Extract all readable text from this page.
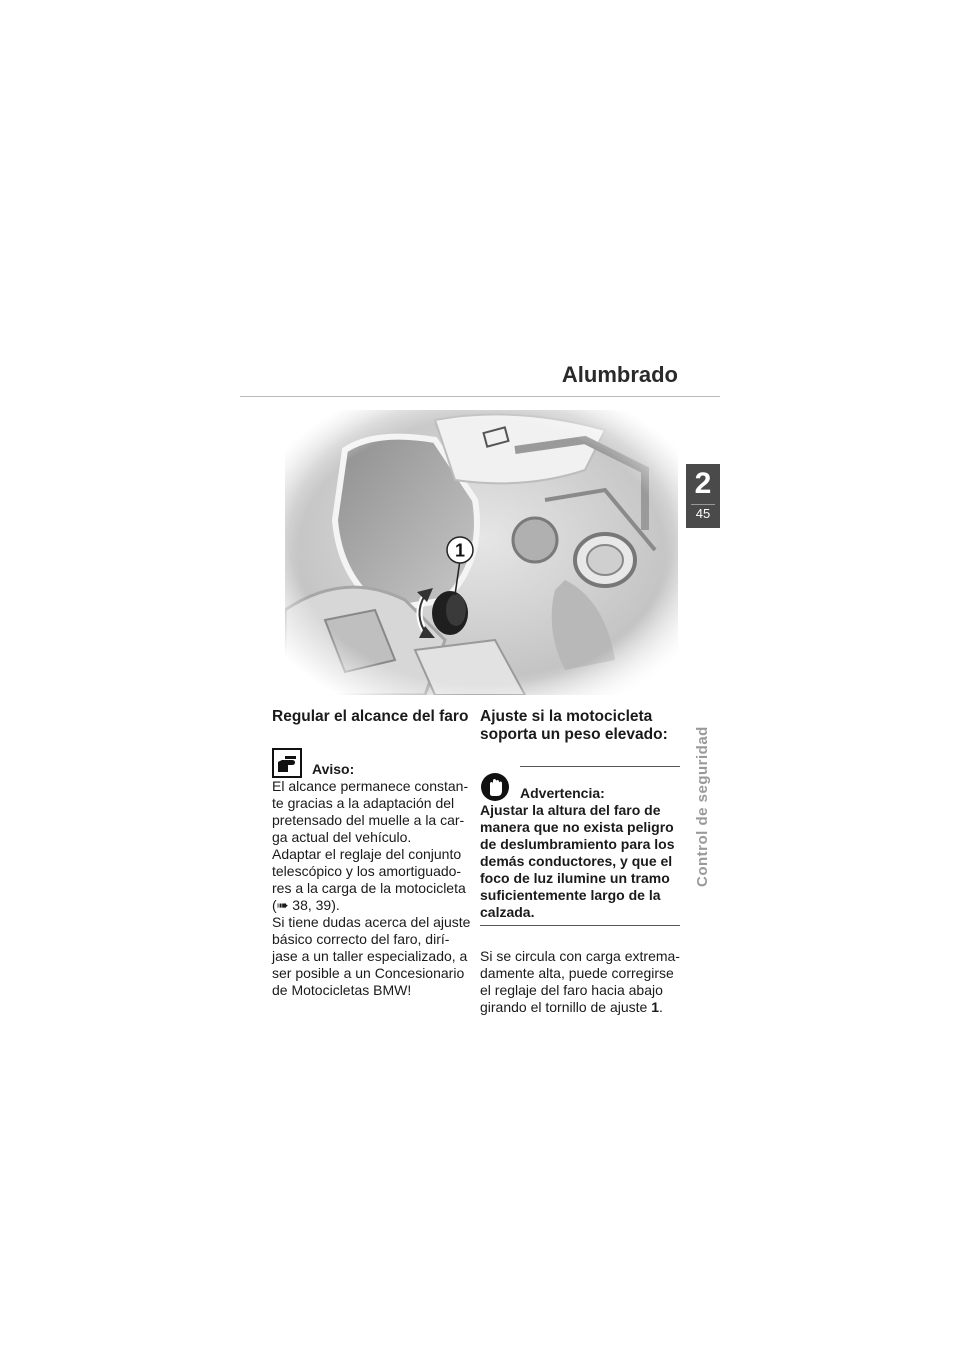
Alumbrado
2
45
Control de seguridad
Regular el alcance del faro
Aviso:

El alcance permanece constan-
te gracias a la adaptación del
pretensado del muelle a la car-
ga actual del vehículo.
Adaptar el reglaje del conjunto
telescópico y los amortiguado-
res a la carga de la motocicleta
(➠ 38, 39).
Si tiene dudas acerca del ajuste
básico correcto del faro, dirí-
jase a un taller especializado, a
ser posible a un Concesionario
de Motocicletas BMW!

Ajuste si la motocicleta
soporta un peso elevado:
Advertencia:

Ajustar la altura del faro de
manera que no exista peligro
de deslumbramiento para los
demás conductores, y que el
foco de luz ilumine un tramo
suficientemente largo de la
calzada.

Si se circula con carga extrema-
damente alta, puede corregirse
el reglaje del faro hacia abajo
girando el tornillo de ajuste 1.
